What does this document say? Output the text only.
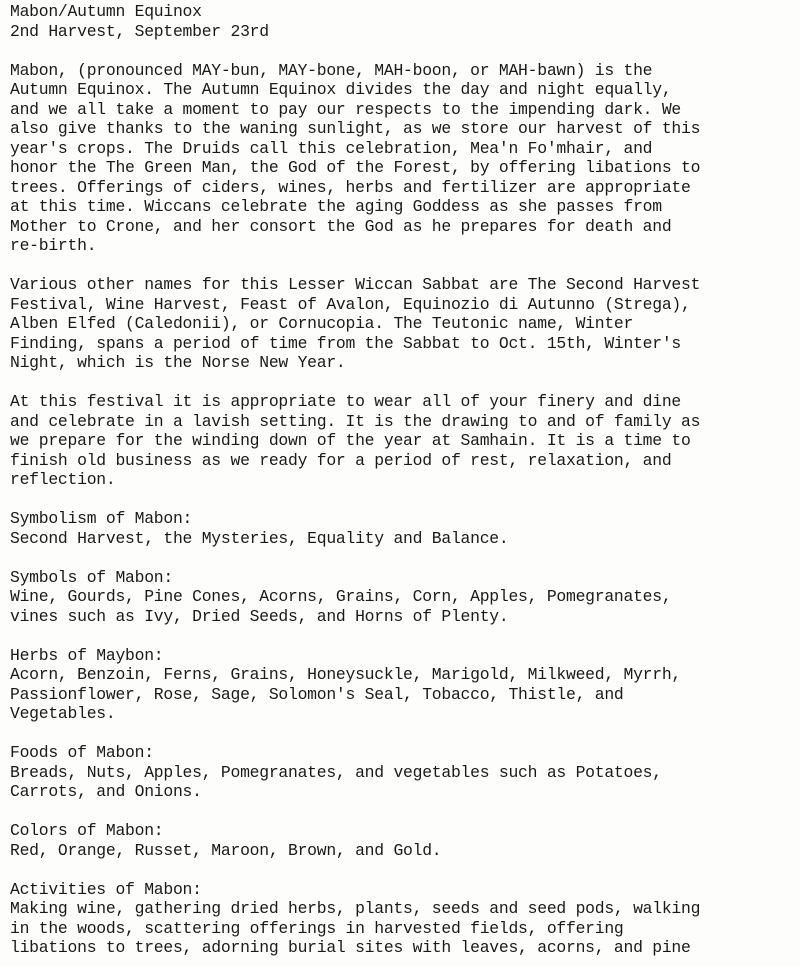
Mabon/Autumn Equinox
2nd Harvest, September 23rd
Mabon, (pronounced MAY-bun, MAY-bone, MAH-boon, or MAH-bawn) is the
Autumn Equinox. The Autumn Equinox divides the day and night equally,
and we all take a moment to pay our respects to the impending dark. We
also give thanks to the waning sunlight, as we store our harvest of this
year's crops. The Druids call this celebration, Mea'n Fo'mhair, and
honor the The Green Man, the God of the Forest, by offering libations to
trees. Offerings of ciders, wines, herbs and fertilizer are appropriate
at this time. Wiccans celebrate the aging Goddess as she passes from
Mother to Crone, and her consort the God as he prepares for death and
re-birth.
Various other names for this Lesser Wiccan Sabbat are The Second Harvest
Festival, Wine Harvest, Feast of Avalon, Equinozio di Autunno (Strega),
Alben Elfed (Caledonii), or Cornucopia. The Teutonic name, Winter
Finding, spans a period of time from the Sabbat to Oct. 15th, Winter's
Night, which is the Norse New Year.
At this festival it is appropriate to wear all of your finery and dine
and celebrate in a lavish setting. It is the drawing to and of family as
we prepare for the winding down of the year at Samhain. It is a time to
finish old business as we ready for a period of rest, relaxation, and
reflection.
Symbolism of Mabon:
Second Harvest, the Mysteries, Equality and Balance.
Symbols of Mabon:
Wine, Gourds, Pine Cones, Acorns, Grains, Corn, Apples, Pomegranates,
vines such as Ivy, Dried Seeds, and Horns of Plenty.
Herbs of Maybon:
Acorn, Benzoin, Ferns, Grains, Honeysuckle, Marigold, Milkweed, Myrrh,
Passionflower, Rose, Sage, Solomon's Seal, Tobacco, Thistle, and
Vegetables.
Foods of Mabon:
Breads, Nuts, Apples, Pomegranates, and vegetables such as Potatoes,
Carrots, and Onions.
Colors of Mabon:
Red, Orange, Russet, Maroon, Brown, and Gold.
Activities of Mabon:
Making wine, gathering dried herbs, plants, seeds and seed pods, walking
in the woods, scattering offerings in harvested fields, offering
libations to trees, adorning burial sites with leaves, acorns, and pine
